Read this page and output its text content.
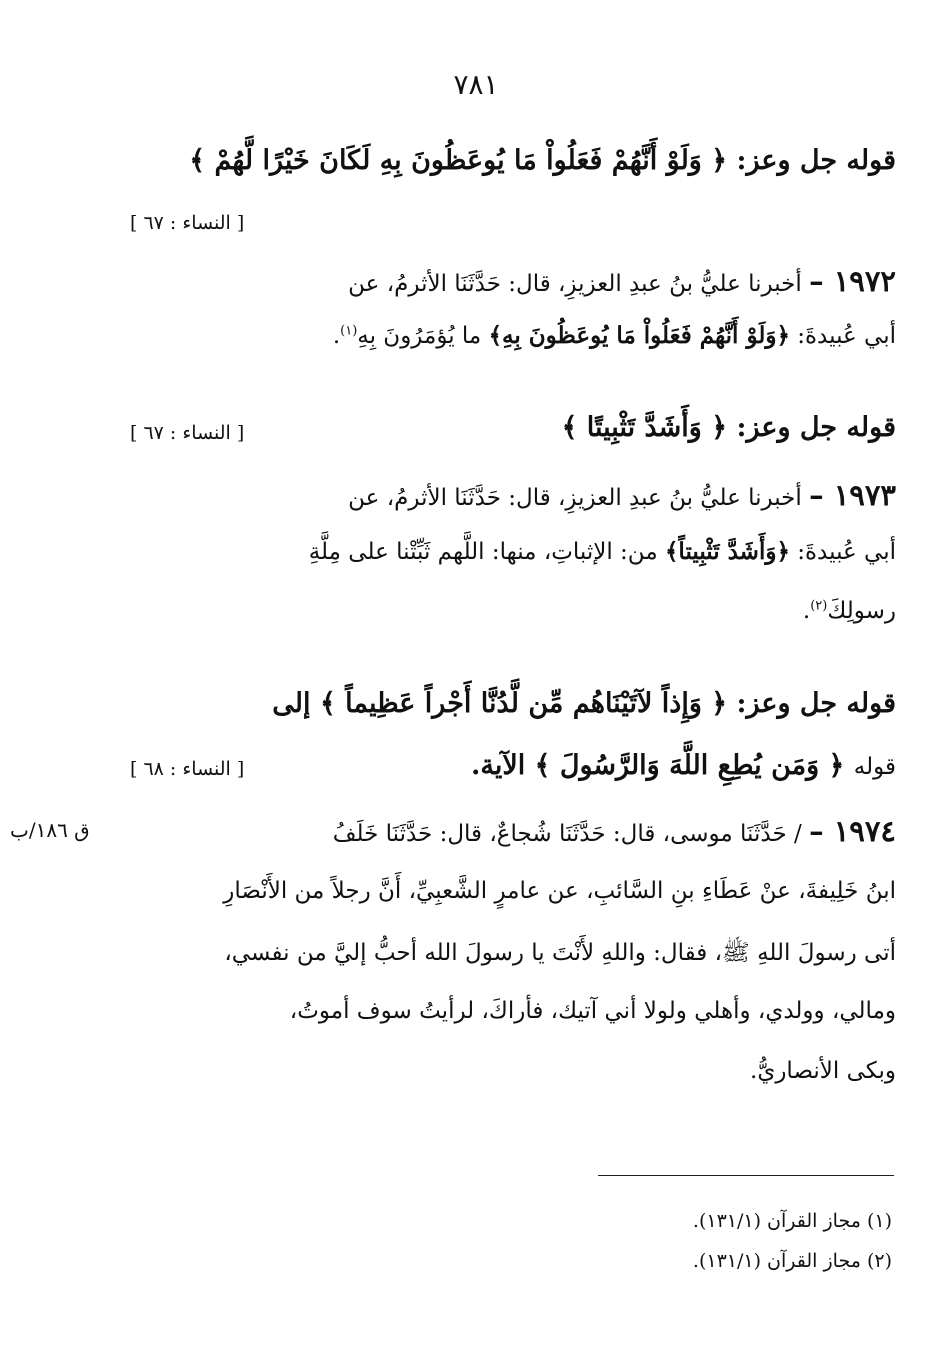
٧٨١
قوله جل وعز: ﴿ وَلَوْ أَنَّهُمْ فَعَلُواْ مَا يُوعَظُونَ بِهِ لَكَانَ خَيْرًا لَّهُمْ ﴾
[ النساء : ٦٧ ]
١٩٧٢ – أخبرنا عليُّ بنُ عبدِ العزيزِ، قال: حَدَّثَنَا الأثرمُ، عن
أبي عُبيدةَ: ﴿وَلَوْ أَنَّهُمْ فَعَلُواْ مَا يُوعَظُونَ بِهِ﴾ ما يُؤمَرُونَ بِهِ$^{(١)}$.
قوله جل وعز: ﴿ وَأَشَدَّ تَثْبِيتًا ﴾
[ النساء : ٦٧ ]
١٩٧٣ – أخبرنا عليُّ بنُ عبدِ العزيزِ، قال: حَدَّثَنَا الأثرمُ، عن
أبي عُبيدةَ: ﴿وَأَشَدَّ تَثْبِيتاً﴾ من: الإثباتِ، منها: اللَّهم ثَبِّتْنا على مِلَّةِ
رسولِكَ$^{(٢)}$.
قوله جل وعز: ﴿ وَإِذاً لآتَيْنَاهُم مِّن لَّدُنَّا أَجْراً عَظِيماً ﴾ إلى
قوله ﴿ وَمَن يُطِعِ اللَّهَ وَالرَّسُولَ ﴾ الآية.
[ النساء : ٦٨ ]
١٩٧٤ – / حَدَّثَنَا موسى، قال: حَدَّثَنَا شُجاعٌ، قال: حَدَّثَنَا خَلَفُ
ق ١٨٦/ب
ابنُ خَلِيفةَ، عنْ عَطَاءِ بنِ السَّائبِ، عن عامرٍ الشَّعبِيِّ، أَنَّ رجلاً من الأَنْصَارِ
أتى رسولَ اللهِ ﷺ، فقال: واللهِ لأَنْتَ يا رسولَ الله أحبُّ إليَّ من نفسي،
ومالي، وولدي، وأهلي ولولا أني آتيك، فأراكَ، لرأيتُ سوف أموتُ،
وبكى الأنصاريُّ.
(١) مجاز القرآن (١٣١/١).
(٢) مجاز القرآن (١٣١/١).
